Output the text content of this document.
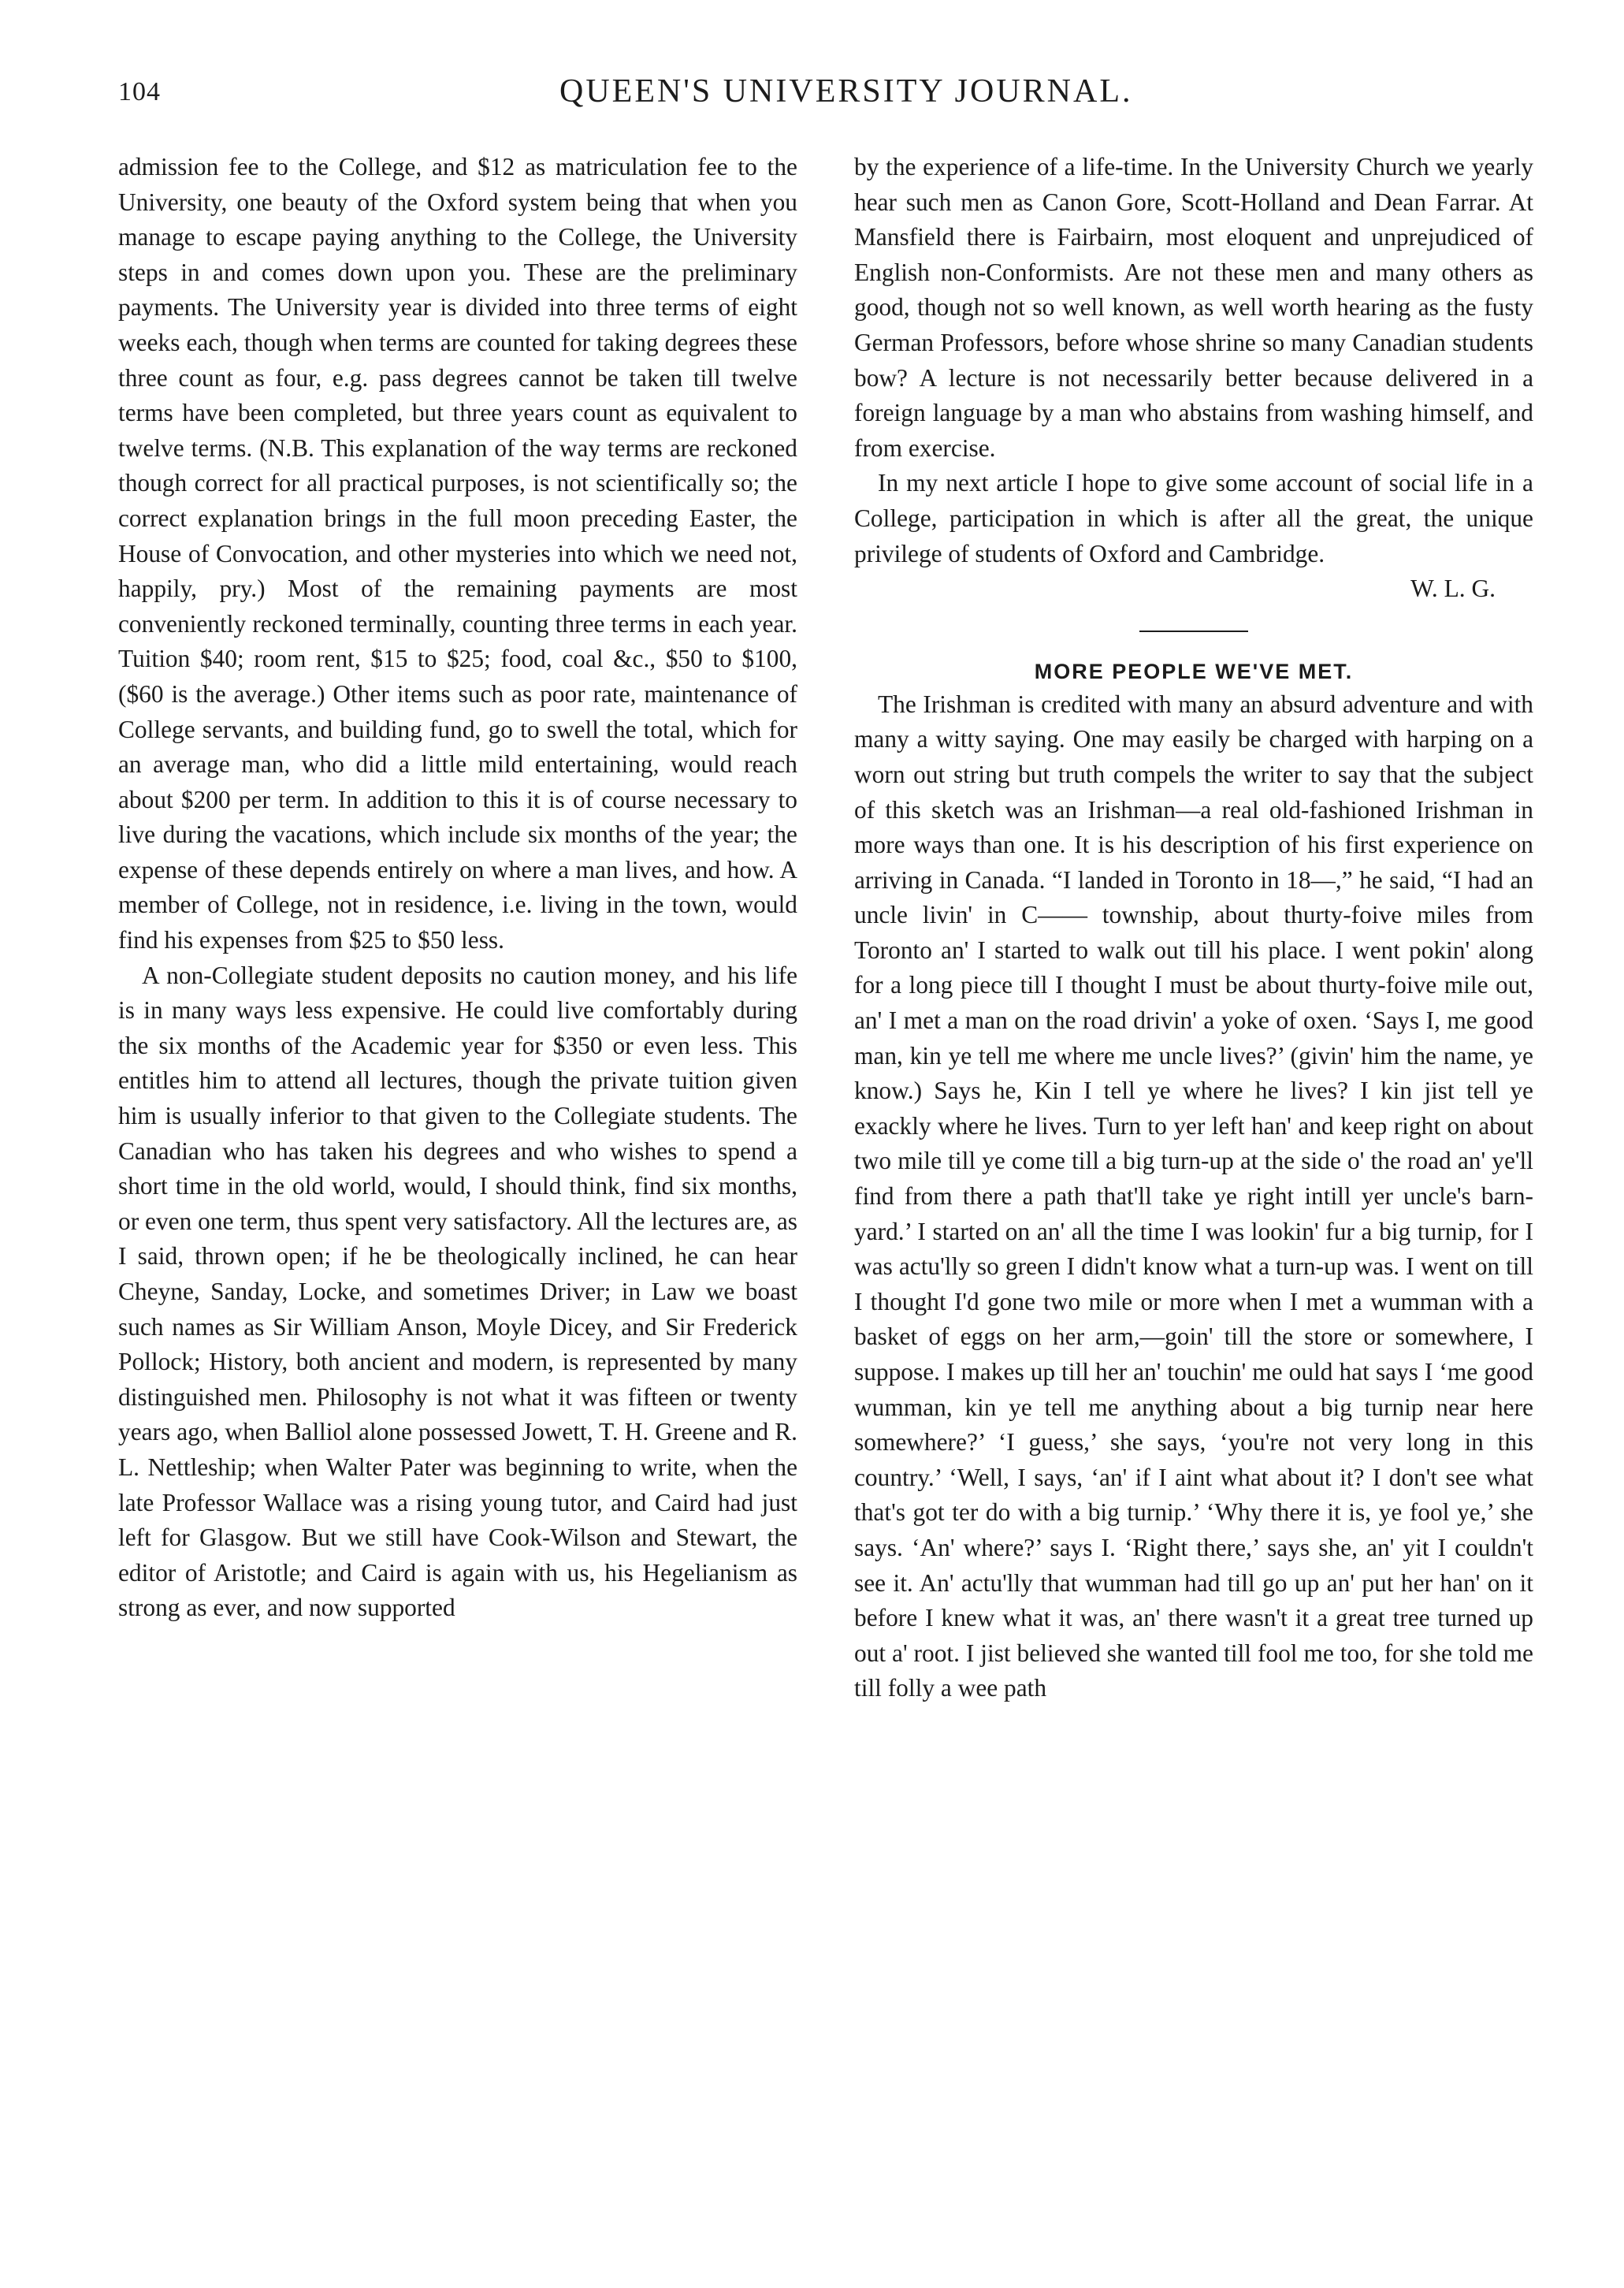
104	QUEEN'S UNIVERSITY JOURNAL.

admission fee to the College, and $12 as matriculation fee to the University, one beauty of the Oxford system being that when you manage to escape paying anything to the College, the University steps in and comes down upon you. These are the preliminary payments. The University year is divided into three terms of eight weeks each, though when terms are counted for taking degrees these three count as four, e.g. pass degrees cannot be taken till twelve terms have been completed, but three years count as equivalent to twelve terms. (N.B. This explanation of the way terms are reckoned though correct for all practical purposes, is not scientifically so; the correct explanation brings in the full moon preceding Easter, the House of Convocation, and other mysteries into which we need not, happily, pry.) Most of the remaining payments are most conveniently reckoned terminally, counting three terms in each year. Tuition $40; room rent, $15 to $25; food, coal &c., $50 to $100, ($60 is the average.) Other items such as poor rate, maintenance of College servants, and building fund, go to swell the total, which for an average man, who did a little mild entertaining, would reach about $200 per term. In addition to this it is of course necessary to live during the vacations, which include six months of the year; the expense of these depends entirely on where a man lives, and how. A member of College, not in residence, i.e. living in the town, would find his expenses from $25 to $50 less.

A non-Collegiate student deposits no caution money, and his life is in many ways less expensive. He could live comfortably during the six months of the Academic year for $350 or even less. This entitles him to attend all lectures, though the private tuition given him is usually inferior to that given to the Collegiate students. The Canadian who has taken his degrees and who wishes to spend a short time in the old world, would, I should think, find six months, or even one term, thus spent very satisfactory. All the lectures are, as I said, thrown open; if he be theologically inclined, he can hear Cheyne, Sanday, Locke, and sometimes Driver; in Law we boast such names as Sir William Anson, Moyle Dicey, and Sir Frederick Pollock; History, both ancient and modern, is represented by many distinguished men. Philosophy is not what it was fifteen or twenty years ago, when Balliol alone possessed Jowett, T. H. Greene and R. L. Nettleship; when Walter Pater was beginning to write, when the late Professor Wallace was a rising young tutor, and Caird had just left for Glasgow. But we still have Cook-Wilson and Stewart, the editor of Aristotle; and Caird is again with us, his Hegelianism as strong as ever, and now supported

by the experience of a life-time. In the University Church we yearly hear such men as Canon Gore, Scott-Holland and Dean Farrar. At Mansfield there is Fairbairn, most eloquent and unprejudiced of English non-Conformists. Are not these men and many others as good, though not so well known, as well worth hearing as the fusty German Professors, before whose shrine so many Canadian students bow? A lecture is not necessarily better because delivered in a foreign language by a man who abstains from washing himself, and from exercise.

In my next article I hope to give some account of social life in a College, participation in which is after all the great, the unique privilege of students of Oxford and Cambridge.

W. L. G.

MORE PEOPLE WE'VE MET.

The Irishman is credited with many an absurd adventure and with many a witty saying. One may easily be charged with harping on a worn out string but truth compels the writer to say that the subject of this sketch was an Irishman—a real old-fashioned Irishman in more ways than one. It is his description of his first experience on arriving in Canada. “I landed in Toronto in 18—,” he said, “I had an uncle livin' in C—— township, about thurty-foive miles from Toronto an' I started to walk out till his place. I went pokin' along for a long piece till I thought I must be about thurty-foive mile out, an' I met a man on the road drivin' a yoke of oxen. ‘Says I, me good man, kin ye tell me where me uncle lives?’ (givin' him the name, ye know.) Says he, Kin I tell ye where he lives? I kin jist tell ye exackly where he lives. Turn to yer left han' and keep right on about two mile till ye come till a big turn-up at the side o' the road an' ye'll find from there a path that'll take ye right intill yer uncle's barn-yard.’ I started on an' all the time I was lookin' fur a big turnip, for I was actu'lly so green I didn't know what a turn-up was. I went on till I thought I'd gone two mile or more when I met a wumman with a basket of eggs on her arm,—goin' till the store or somewhere, I suppose. I makes up till her an' touchin' me ould hat says I ‘me good wumman, kin ye tell me anything about a big turnip near here somewhere?’ ‘I guess,’ she says, ‘you're not very long in this country.’ ‘Well, I says, ‘an' if I aint what about it? I don't see what that's got ter do with a big turnip.’ ‘Why there it is, ye fool ye,’ she says. ‘An' where?’ says I. ‘Right there,’ says she, an' yit I couldn't see it. An' actu'lly that wumman had till go up an' put her han' on it before I knew what it was, an' there wasn't it a great tree turned up out a' root. I jist believed she wanted till fool me too, for she told me till folly a wee path
